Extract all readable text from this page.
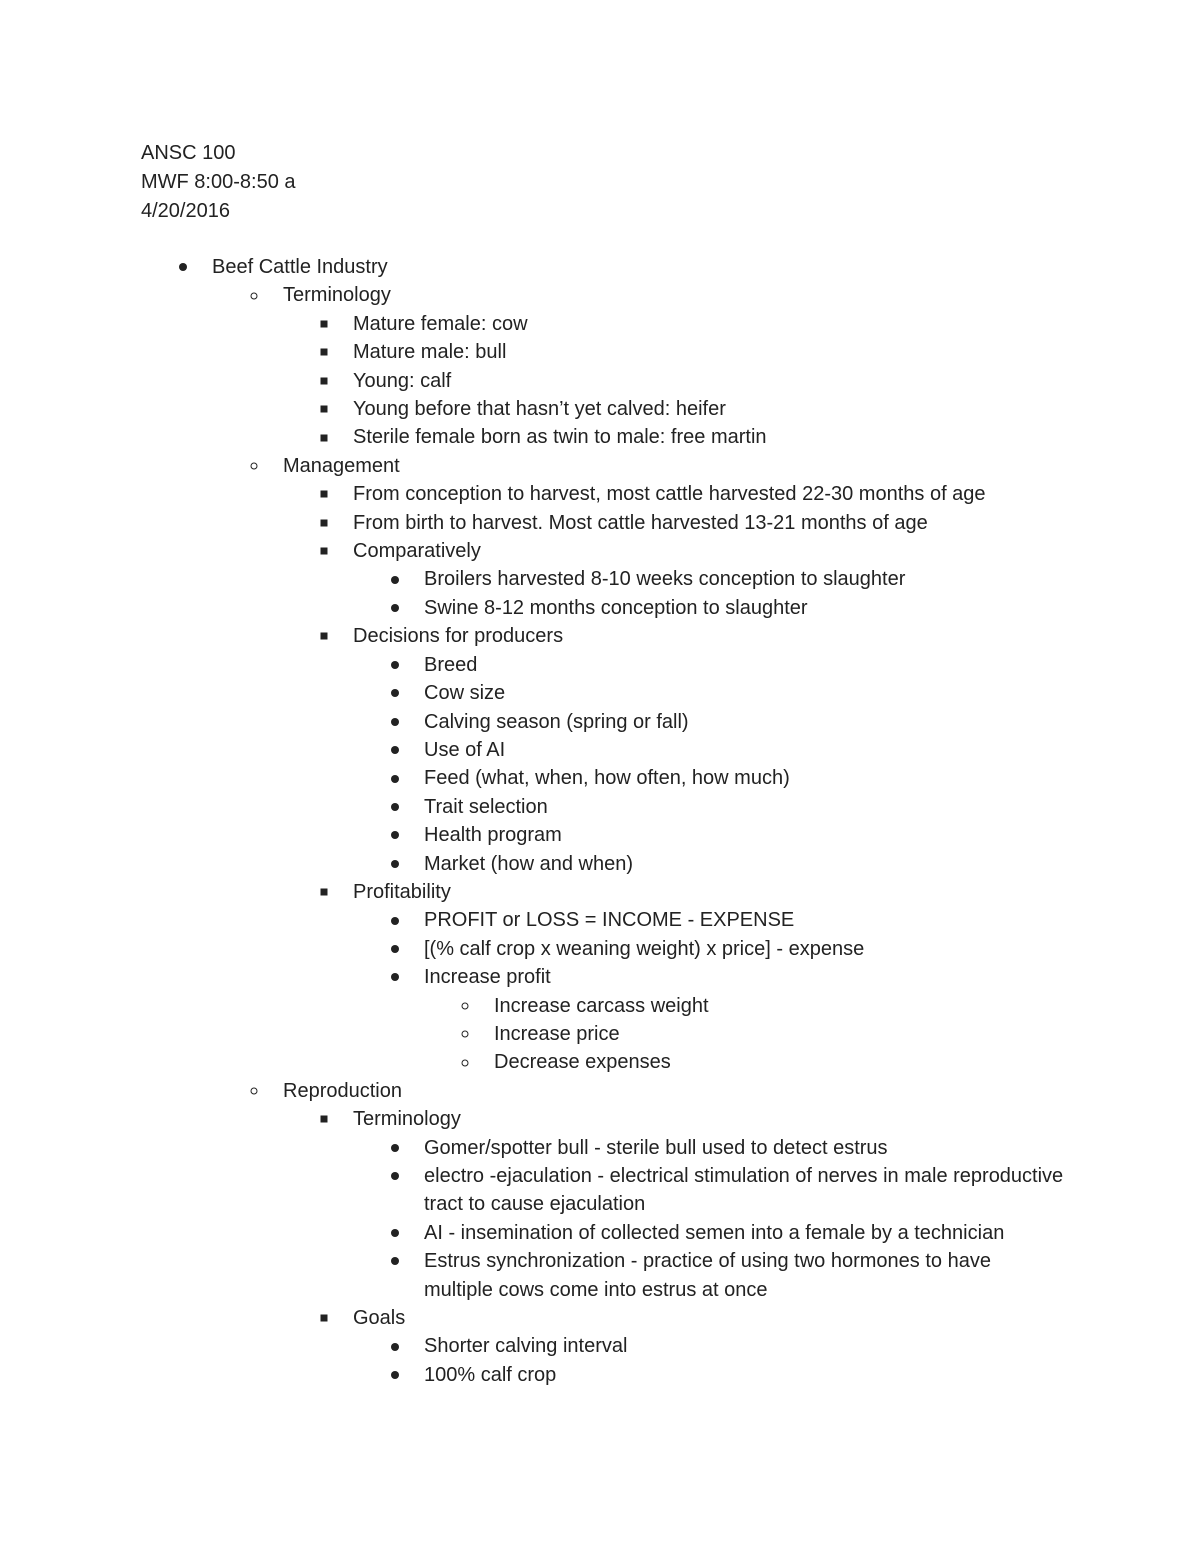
ANSC 100
MWF 8:00-8:50 a
4/20/2016
Beef Cattle Industry
Terminology
Mature female: cow
Mature male: bull
Young: calf
Young before that hasn’t yet calved: heifer
Sterile female born as twin to male: free martin
Management
From conception to harvest, most cattle harvested 22-30 months of age
From birth to harvest. Most cattle harvested 13-21 months of age
Comparatively
Broilers harvested 8-10 weeks conception to slaughter
Swine 8-12 months conception to slaughter
Decisions for producers
Breed
Cow size
Calving season (spring or fall)
Use of AI
Feed (what, when, how often, how much)
Trait selection
Health program
Market (how and when)
Profitability
PROFIT or LOSS = INCOME - EXPENSE
[(% calf crop x weaning weight) x price] - expense
Increase profit
Increase carcass weight
Increase price
Decrease expenses
Reproduction
Terminology
Gomer/spotter bull - sterile bull used to detect estrus
electro -ejaculation - electrical stimulation of nerves in male reproductive tract to cause ejaculation
AI - insemination of collected semen into a female by a technician
Estrus synchronization - practice of using two hormones to have multiple cows come into estrus at once
Goals
Shorter calving interval
100% calf crop
